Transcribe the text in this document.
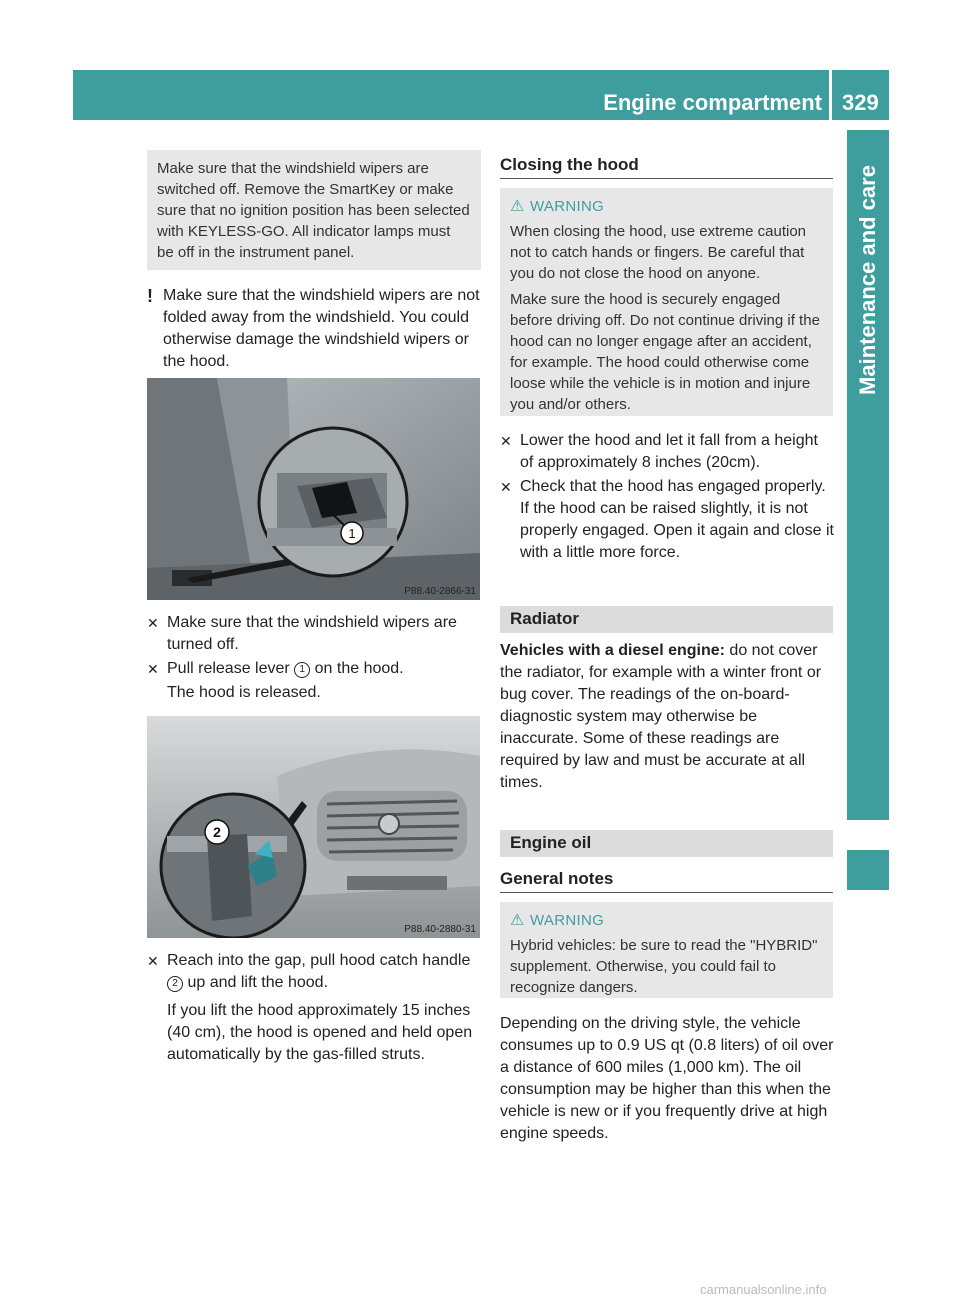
Engine compartment 329
Maintenance and care

Make sure that the windshield wipers are switched off. Remove the SmartKey or make sure that no ignition position has been selected with KEYLESS-GO. All indicator lamps must be off in the instrument panel.

! Make sure that the windshield wipers are not folded away from the windshield. You could otherwise damage the windshield wipers or the hood.

1
P88.40-2866-31
✕ Make sure that the windshield wipers are turned off.

✕ Pull release lever 1 on the hood.

The hood is released.

2
P88.40-2880-31
✕ Reach into the gap, pull hood catch handle 2 up and lift the hood.

If you lift the hood approximately 15 inches (40 cm), the hood is opened and held open automatically by the gas-filled struts.

Closing the hood

⚠ WARNING

When closing the hood, use extreme caution not to catch hands or fingers. Be careful that you do not close the hood on anyone.

Make sure the hood is securely engaged before driving off. Do not continue driving if the hood can no longer engage after an accident, for example. The hood could otherwise come loose while the vehicle is in motion and injure you and/or others.

✕ Lower the hood and let it fall from a height of approximately 8 inches (20cm).

✕ Check that the hood has engaged properly. If the hood can be raised slightly, it is not properly engaged. Open it again and close it with a little more force.

Radiator

Vehicles with a diesel engine: do not cover the radiator, for example with a winter front or bug cover. The readings of the on-board-diagnostic system may otherwise be inaccurate. Some of these readings are required by law and must be accurate at all times.

Engine oil
General notes

⚠ WARNING

Hybrid vehicles: be sure to read the "HYBRID" supplement. Otherwise, you could fail to recognize dangers.

Depending on the driving style, the vehicle consumes up to 0.9 US qt (0.8 liters) of oil over a distance of 600 miles (1,000 km). The oil consumption may be higher than this when the vehicle is new or if you frequently drive at high engine speeds.
carmanualsonline.info
